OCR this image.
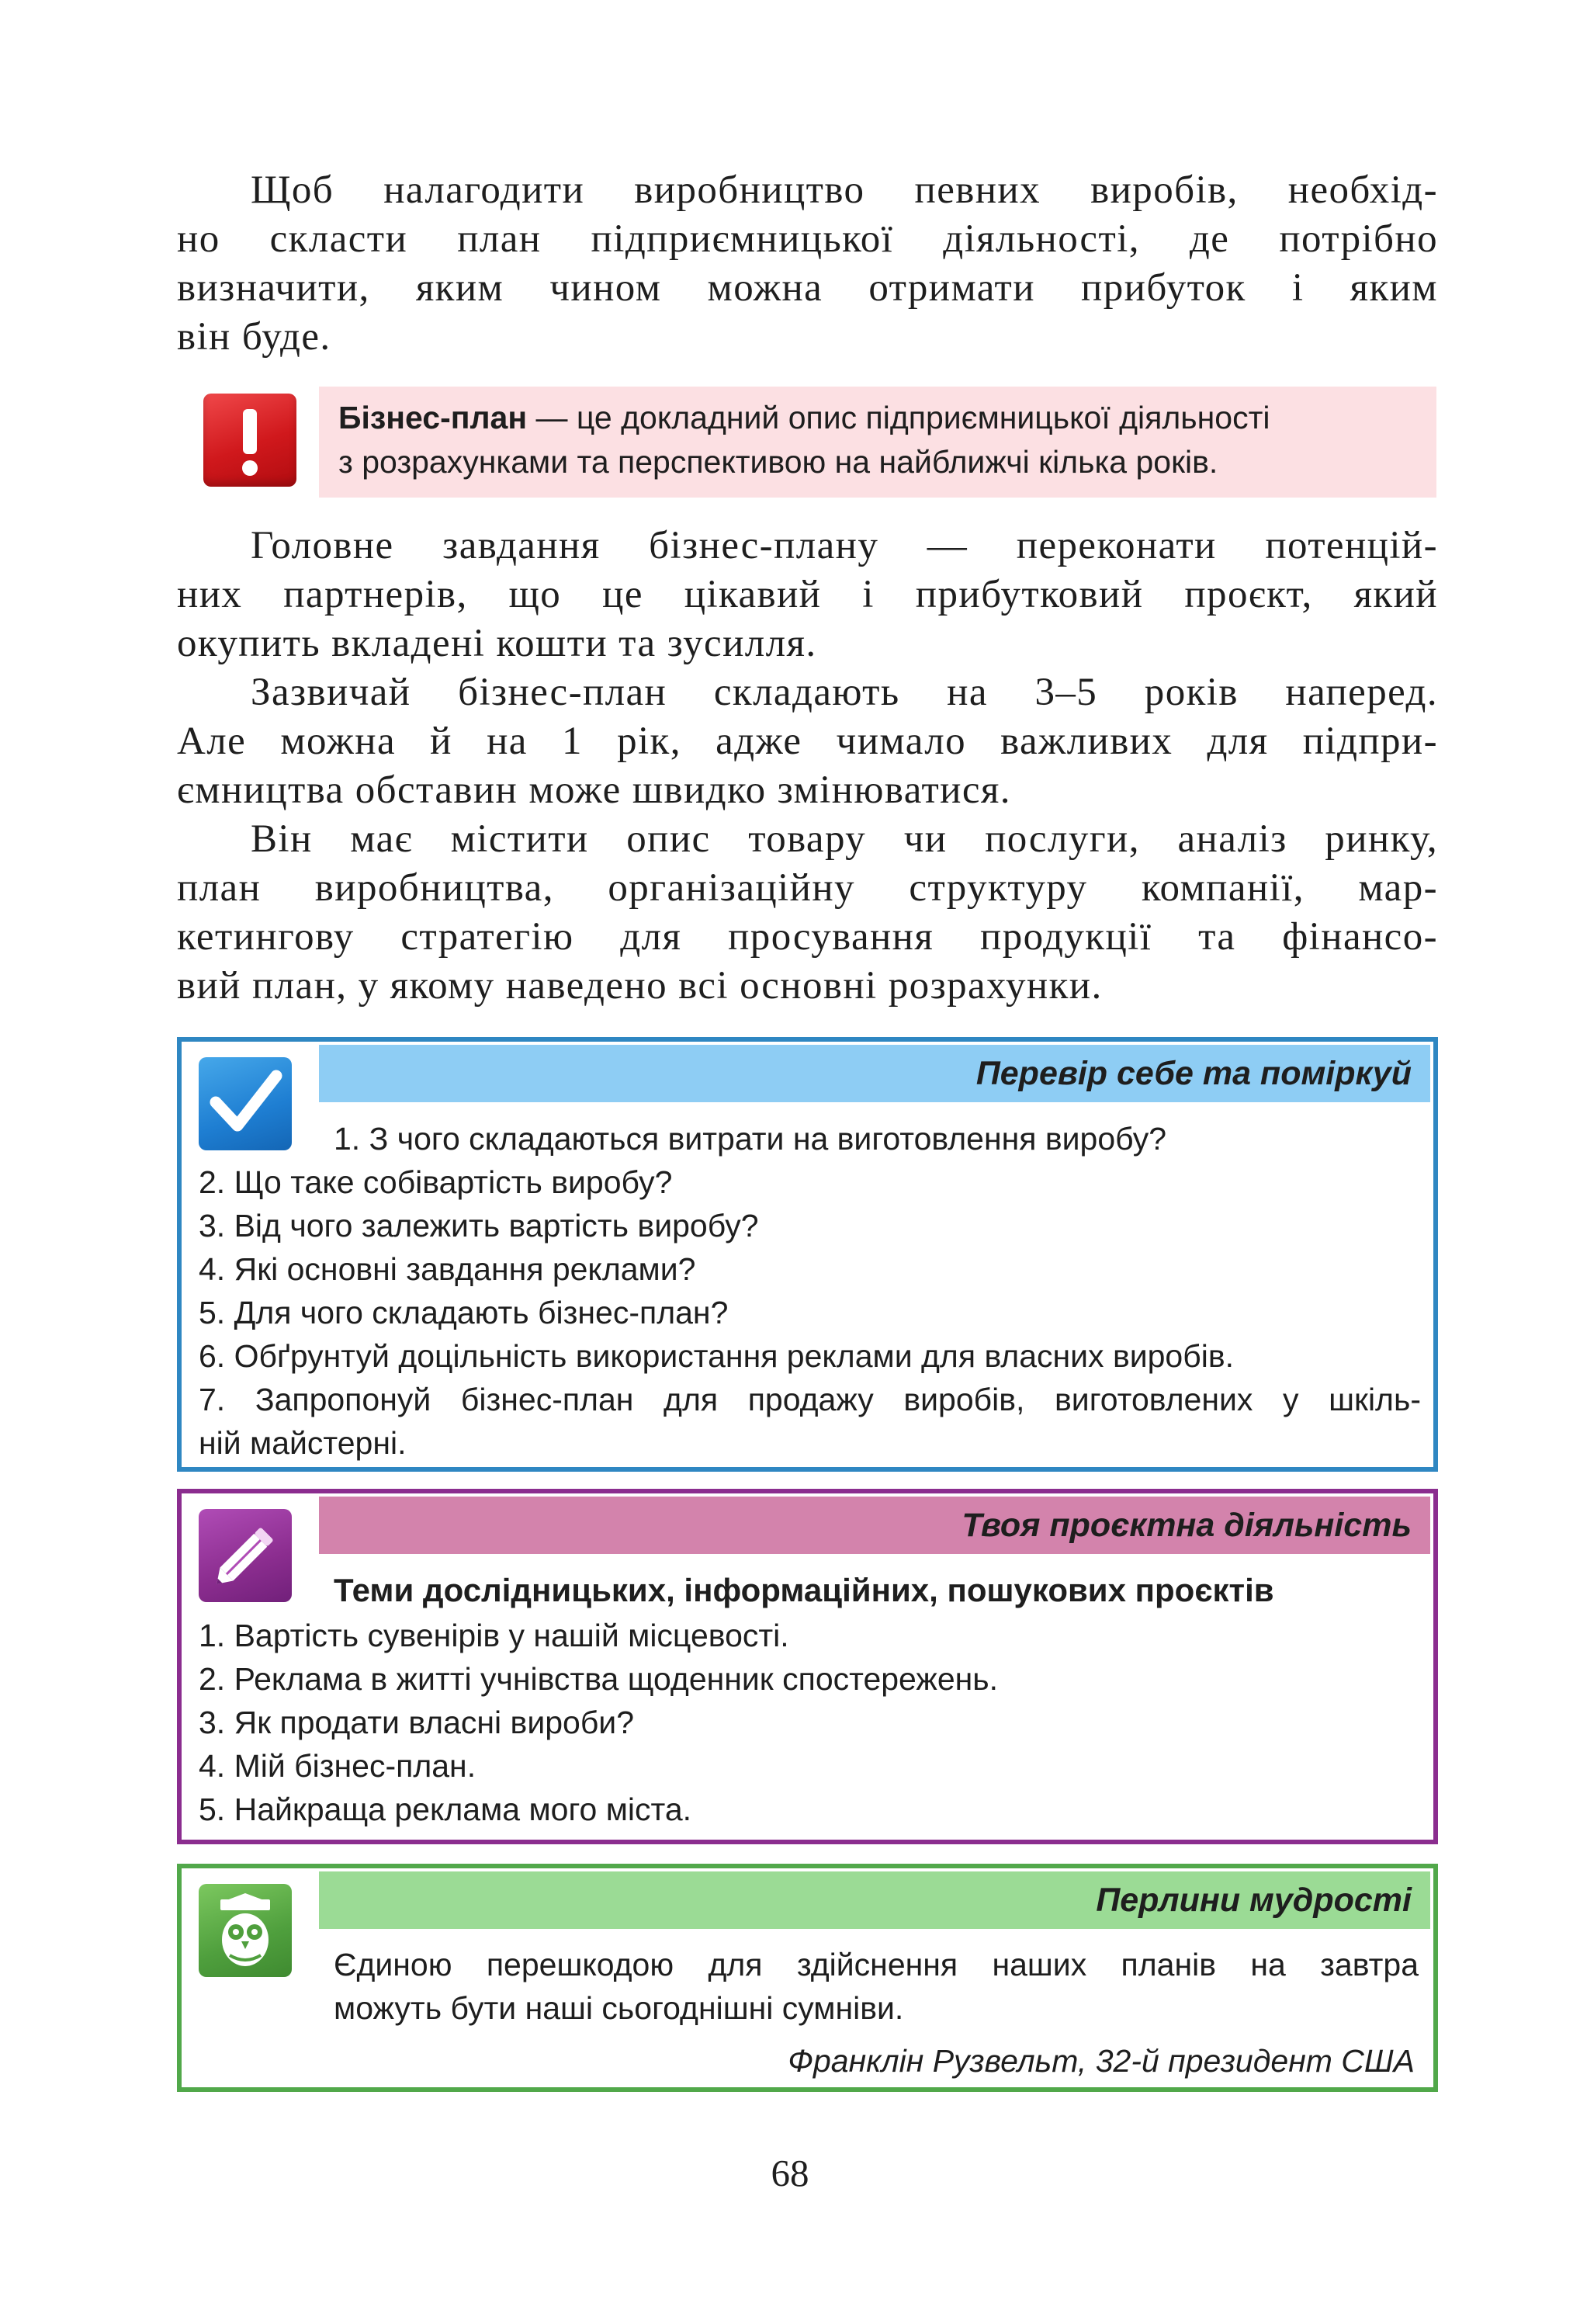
Щоб налагодити виробництво певних виробів, необхід-
но скласти план підприємницької діяльності, де потрібно
визначити, яким чином можна отримати прибуток і яким
він буде.
Бізнес-план — це докладний опис підприємницької діяльності
з розрахунками та перспективою на найближчі кілька років.
Головне завдання бізнес-плану — переконати потенцій-
них партнерів, що це цікавий і прибутковий проєкт, який
окупить вкладені кошти та зусилля.
Зазвичай бізнес-план складають на 3–5 років наперед.
Але можна й на 1 рік, адже чимало важливих для підпри-
ємництва обставин може швидко змінюватися.
Він має містити опис товару чи послуги, аналіз ринку,
план виробництва, організаційну структуру компанії, мар-
кетингову стратегію для просування продукції та фінансо-
вий план, у якому наведено всі основні розрахунки.
Перевір себе та поміркуй
1. З чого складаються витрати на виготовлення виробу?
2. Що таке собівартість виробу?
3. Від чого залежить вартість виробу?
4. Які основні завдання реклами?
5. Для чого складають бізнес-план?
6. Обґрунтуй доцільність використання реклами для власних виробів.
7. Запропонуй бізнес-план для продажу виробів, виготовлених у шкіль-
ній майстерні.
Твоя проєктна діяльність
Теми дослідницьких, інформаційних, пошукових проєктів
1. Вартість сувенірів у нашій місцевості.
2. Реклама в житті учнівства щоденник спостережень.
3. Як продати власні вироби?
4. Мій бізнес-план.
5. Найкраща реклама мого міста.
Перлини мудрості
Єдиною перешкодою для здійснення наших планів на завтра
можуть бути наші сьогоднішні сумніви.
Франклін Рузвельт, 32-й президент США
68
